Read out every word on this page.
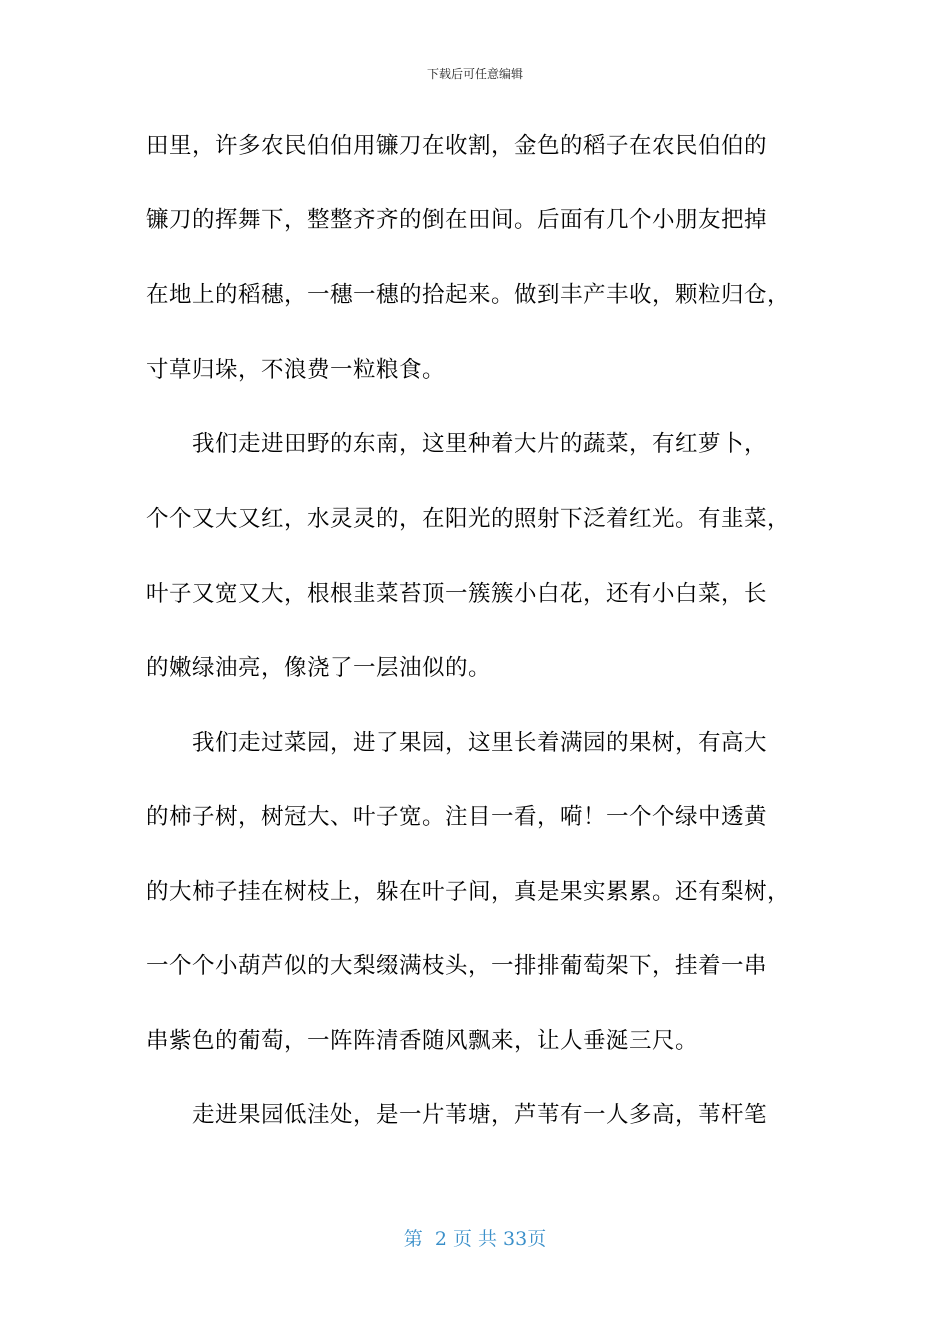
下载后可任意编辑
田里，许多农民伯伯用镰刀在收割，金色的稻子在农民伯伯的
镰刀的挥舞下，整整齐齐的倒在田间。后面有几个小朋友把掉
在地上的稻穗，一穗一穗的拾起来。做到丰产丰收，颗粒归仓，
寸草归垛，不浪费一粒粮食。
我们走进田野的东南，这里种着大片的蔬菜，有红萝卜，
个个又大又红，水灵灵的，在阳光的照射下泛着红光。有韭菜，
叶子又宽又大，根根韭菜苔顶一簇簇小白花，还有小白菜，长
的嫩绿油亮，像浇了一层油似的。
我们走过菜园，进了果园，这里长着满园的果树，有高大
的柿子树，树冠大、叶子宽。注目一看，嗬！一个个绿中透黄
的大柿子挂在树枝上，躲在叶子间，真是果实累累。还有梨树，
一个个小葫芦似的大梨缀满枝头，一排排葡萄架下，挂着一串
串紫色的葡萄，一阵阵清香随风飘来，让人垂涎三尺。
走进果园低洼处，是一片苇塘，芦苇有一人多高，苇杆笔
第  2 页 共 33页
